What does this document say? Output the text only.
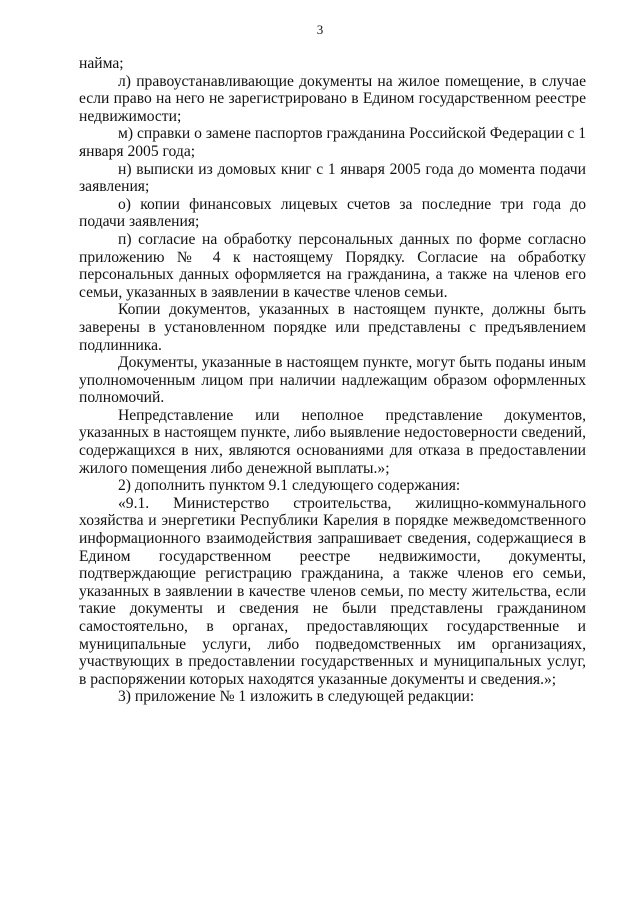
3

найма;

л) правоустанавливающие документы на жилое помещение, в случае если право на него не зарегистрировано в Едином государственном реестре недвижимости;

м) справки о замене паспортов гражданина Российской Федерации с 1 января 2005 года;

н) выписки из домовых книг с 1 января 2005 года до момента подачи заявления;

о) копии финансовых лицевых счетов за последние три года до подачи заявления;

п) согласие на обработку персональных данных по форме согласно приложению № 4 к настоящему Порядку. Согласие на обработку персональных данных оформляется на гражданина, а также на членов его семьи, указанных в заявлении в качестве членов семьи.

Копии документов, указанных в настоящем пункте, должны быть заверены в установленном порядке или представлены с предъявлением подлинника.

Документы, указанные в настоящем пункте, могут быть поданы иным уполномоченным лицом при наличии надлежащим образом оформленных полномочий.

Непредставление или неполное представление документов, указанных в настоящем пункте, либо выявление недостоверности сведений, содержащихся в них, являются основаниями для отказа в предоставлении жилого помещения либо денежной выплаты.»;

2) дополнить пунктом 9.1 следующего содержания:

«9.1. Министерство строительства, жилищно-коммунального хозяйства и энергетики Республики Карелия в порядке межведомственного информационного взаимодействия запрашивает сведения, содержащиеся в Едином государственном реестре недвижимости, документы, подтверждающие регистрацию гражданина, а также членов его семьи, указанных в заявлении в качестве членов семьи, по месту жительства, если такие документы и сведения не были представлены гражданином самостоятельно, в органах, предоставляющих государственные и муниципальные услуги, либо подведомственных им организациях, участвующих в предоставлении государственных и муниципальных услуг, в распоряжении которых находятся указанные документы и сведения.»;

3) приложение № 1 изложить в следующей редакции:
